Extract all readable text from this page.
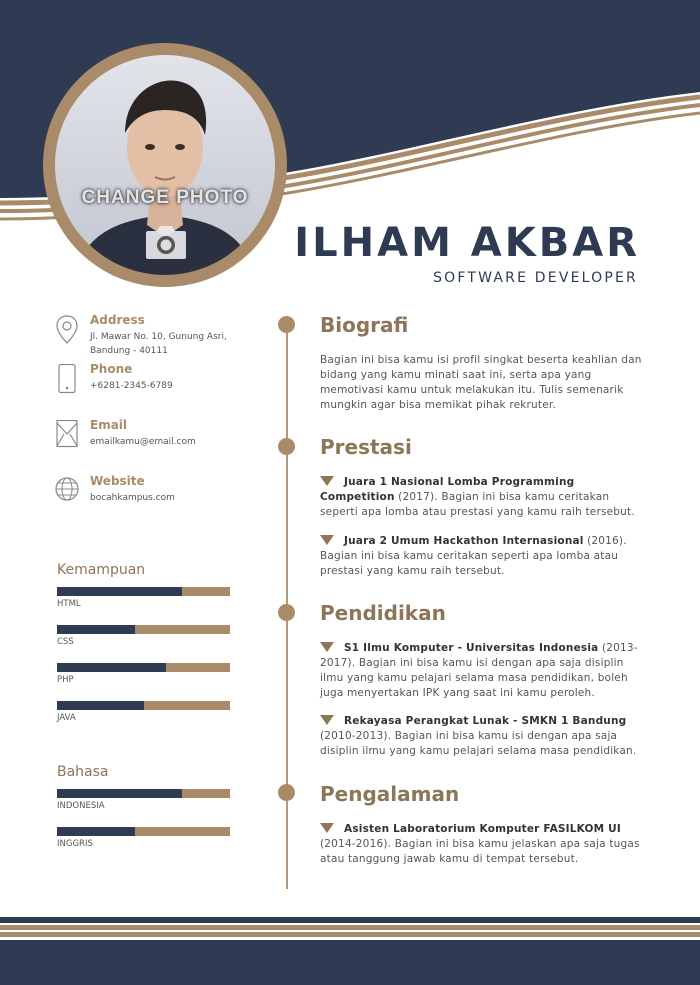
CHANGE PHOTO
ILHAM AKBAR
SOFTWARE DEVELOPER
Address
Jl. Mawar No. 10, Gunung Asri, Bandung - 40111
Phone
+6281-2345-6789
Email
emailkamu@email.com
Website
bocahkampus.com
Kemampuan
HTML
CSS
PHP
JAVA
Bahasa
INDONESIA
INGGRIS
Biografi
Bagian ini bisa kamu isi profil singkat beserta keahlian dan bidang yang kamu minati saat ini, serta apa yang memotivasi kamu untuk melakukan itu. Tulis semenarik mungkin agar bisa memikat pihak rekruter.
Prestasi
Juara 1 Nasional Lomba Programming Competition (2017). Bagian ini bisa kamu ceritakan seperti apa lomba atau prestasi yang kamu raih tersebut.
Juara 2 Umum Hackathon Internasional (2016). Bagian ini bisa kamu ceritakan seperti apa lomba atau prestasi yang kamu raih tersebut.
Pendidikan
S1 Ilmu Komputer - Universitas Indonesia (2013-2017). Bagian ini bisa kamu isi dengan apa saja disiplin ilmu yang kamu pelajari selama masa pendidikan, boleh juga menyertakan IPK yang saat ini kamu peroleh.
Rekayasa Perangkat Lunak - SMKN 1 Bandung (2010-2013). Bagian ini bisa kamu isi dengan apa saja disiplin ilmu yang kamu pelajari selama masa pendidikan.
Pengalaman
Asisten Laboratorium Komputer FASILKOM UI (2014-2016). Bagian ini bisa kamu jelaskan apa saja tugas atau tanggung jawab kamu di tempat tersebut.
